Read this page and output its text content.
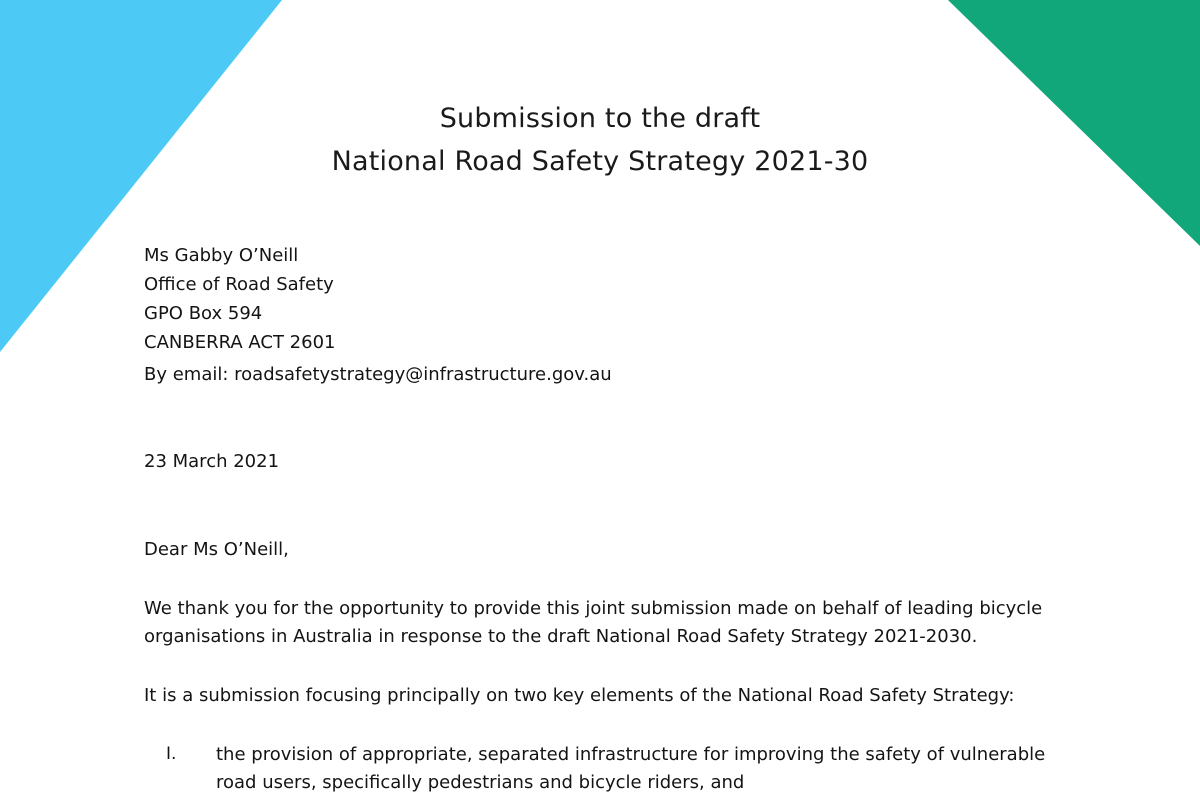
Submission to the draft
National Road Safety Strategy 2021-30
Ms Gabby O’Neill
Office of Road Safety
GPO Box 594
CANBERRA ACT 2601
By email: roadsafetystrategy@infrastructure.gov.au
23 March 2021
Dear Ms O’Neill,
We thank you for the opportunity to provide this joint submission made on behalf of leading bicycle
organisations in Australia in response to the draft National Road Safety Strategy 2021-2030.
It is a submission focusing principally on two key elements of the National Road Safety Strategy:
I. the provision of appropriate, separated infrastructure for improving the safety of vulnerable
road users, specifically pedestrians and bicycle riders, and
